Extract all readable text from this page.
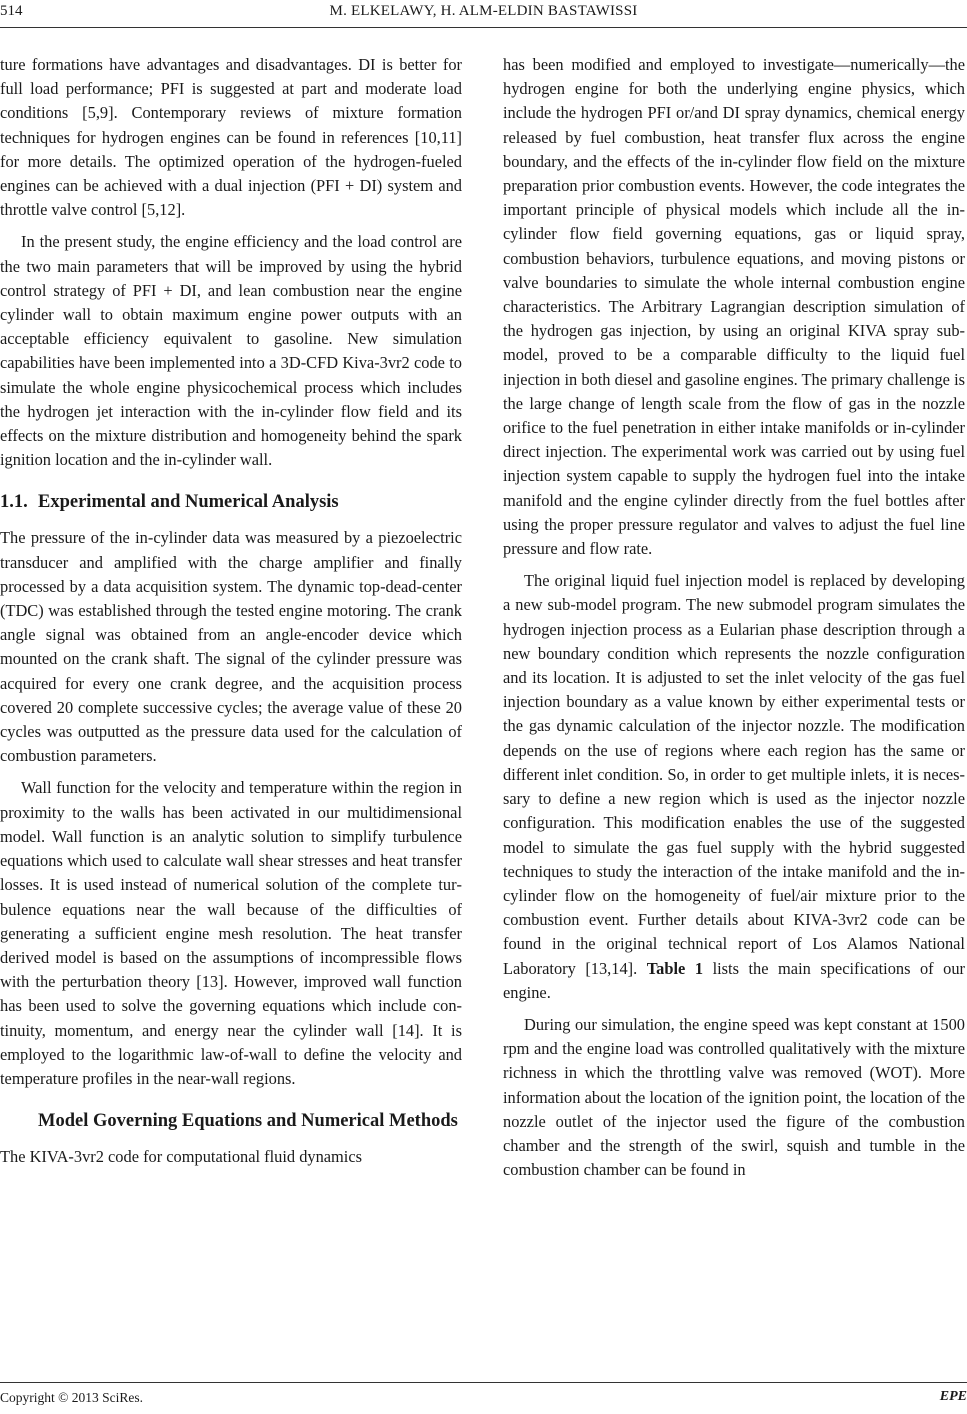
514	M. ELKELAWY, H. ALM-ELDIN BASTAWISSI

ture formations have advantages and disadvantages. DI is better for full load performance; PFI is suggested at part and moderate load conditions [5,9]. Contemporary reviews of mixture formation techniques for hydrogen engines can be found in references [10,11] for more details. The optimized operation of the hydrogen-fueled engines can be achieved with a dual injection (PFI + DI) system and throttle valve control [5,12].

In the present study, the engine efficiency and the load control are the two main parameters that will be improved by using the hybrid control strategy of PFI + DI, and lean combustion near the engine cylinder wall to obtain maximum engine power outputs with an acceptable efficiency equivalent to gasoline. New simulation capabilities have been implemented into a 3D-CFD Kiva-3vr2 code to simulate the whole engine physicochemical process which includes the hydrogen jet interaction with the in-cylinder flow field and its effects on the mixture distribution and homogeneity behind the spark ignition location and the in-cylinder wall.

1.1. Experimental and Numerical Analysis

The pressure of the in-cylinder data was measured by a piezoelectric transducer and amplified with the charge amplifier and finally processed by a data acquisition system. The dynamic top-dead-center (TDC) was established through the tested engine motoring. The crank angle signal was obtained from an angle-encoder device which mounted on the crank shaft. The signal of the cylinder pressure was acquired for every one crank degree, and the acquisition process covered 20 complete successive cycles; the average value of these 20 cycles was outputted as the pressure data used for the calculation of combustion parameters.

Wall function for the velocity and temperature within the region in proximity to the walls has been activated in our multidimensional model. Wall function is an analytic solution to simplify turbulence equations which used to calculate wall shear stresses and heat transfer losses. It is used instead of numerical solution of the complete turbulence equations near the wall because of the difficulties of generating a sufficient engine mesh resolution. The heat transfer derived model is based on the assumptions of incompressible flows with the perturbation theory [13]. However, improved wall function has been used to solve the governing equations which include continuity, momentum, and energy near the cylinder wall [14]. It is employed to the logarithmic law-of-wall to define the velocity and temperature profiles in the near-wall regions.

Model Governing Equations and Numerical Methods

The KIVA-3vr2 code for computational fluid dynamics

has been modified and employed to investigate—numerically—the hydrogen engine for both the underlying engine physics, which include the hydrogen PFI or/and DI spray dynamics, chemical energy released by fuel combustion, heat transfer flux across the engine boundary, and the effects of the in-cylinder flow field on the mixture preparation prior combustion events. However, the code integrates the important principle of physical models which include all the in-cylinder flow field governing equations, gas or liquid spray, combustion behaviors, turbulence equations, and moving pistons or valve boundaries to simulate the whole internal combustion engine characteristics. The Arbitrary Lagrangian description simulation of the hydrogen gas injection, by using an original KIVA spray sub-model, proved to be a comparable difficulty to the liquid fuel injection in both diesel and gasoline engines. The primary challenge is the large change of length scale from the flow of gas in the nozzle orifice to the fuel penetration in either intake manifolds or in-cylinder direct injection. The experimental work was carried out by using fuel injection system capable to supply the hydrogen fuel into the intake manifold and the engine cylinder directly from the fuel bottles after using the proper pressure regulator and valves to adjust the fuel line pressure and flow rate.

The original liquid fuel injection model is replaced by developing a new sub-model program. The new submodel program simulates the hydrogen injection process as a Eularian phase description through a new boundary condition which represents the nozzle configuration and its location. It is adjusted to set the inlet velocity of the gas fuel injection boundary as a value known by either experimental tests or the gas dynamic calculation of the injector nozzle. The modification depends on the use of regions where each region has the same or different inlet condition. So, in order to get multiple inlets, it is necessary to define a new region which is used as the injector nozzle configuration. This modification enables the use of the suggested model to simulate the gas fuel supply with the hybrid suggested techniques to study the interaction of the intake manifold and the in-cylinder flow on the homogeneity of fuel/air mixture prior to the combustion event. Further details about KIVA-3vr2 code can be found in the original technical report of Los Alamos National Laboratory [13,14]. Table 1 lists the main specifications of our engine.

During our simulation, the engine speed was kept constant at 1500 rpm and the engine load was controlled qualitatively with the mixture richness in which the throttling valve was removed (WOT). More information about the location of the ignition point, the location of the nozzle outlet of the injector used the figure of the combustion chamber and the strength of the swirl, squish and tumble in the combustion chamber can be found in

Copyright © 2013 SciRes.	EPE
